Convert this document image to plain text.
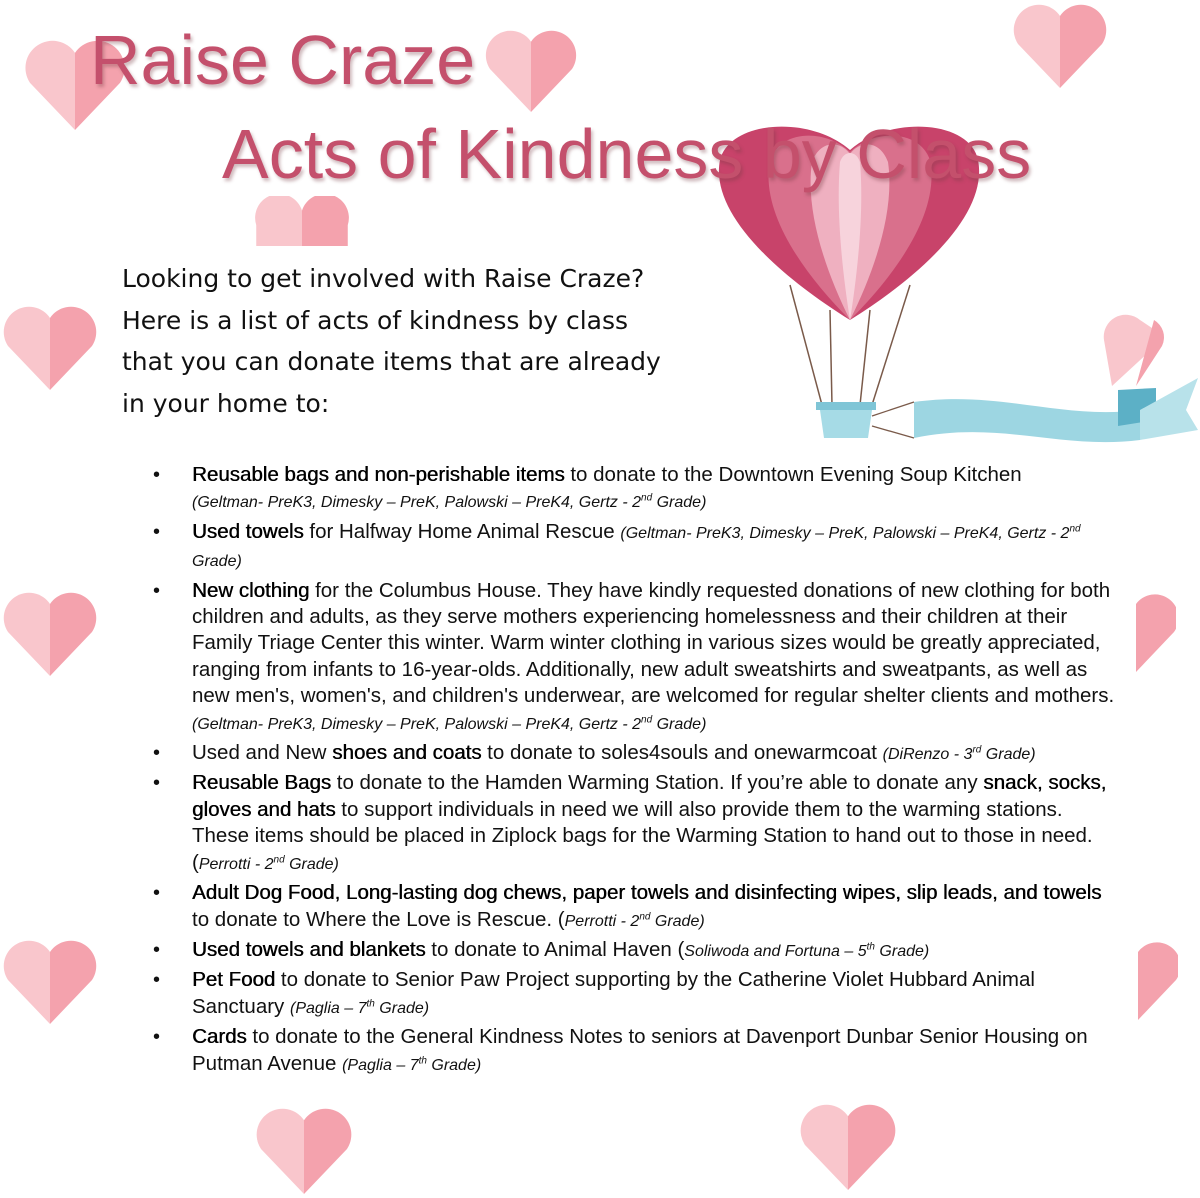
Raise Craze
Acts of Kindness by Class
Looking to get involved with Raise Craze?
Here is a list of acts of kindness by class
that you can donate items that are already
in your home to:
• Reusable bags and non-perishable items to donate to the Downtown Evening Soup Kitchen
(Geltman- PreK3, Dimesky – PreK, Palowski – PreK4, Gertz - 2nd Grade)
• Used towels for Halfway Home Animal Rescue (Geltman- PreK3, Dimesky – PreK, Palowski – PreK4, Gertz - 2nd Grade)
• New clothing for the Columbus House. They have kindly requested donations of new clothing for both children and adults, as they serve mothers experiencing homelessness and their children at their Family Triage Center this winter. Warm winter clothing in various sizes would be greatly appreciated, ranging from infants to 16-year-olds. Additionally, new adult sweatshirts and sweatpants, as well as new men's, women's, and children's underwear, are welcomed for regular shelter clients and mothers. (Geltman- PreK3, Dimesky – PreK, Palowski – PreK4, Gertz - 2nd Grade)
• Used and New shoes and coats to donate to soles4souls and onewarmcoat (DiRenzo - 3rd Grade)
• Reusable Bags to donate to the Hamden Warming Station. If you’re able to donate any snack, socks, gloves and hats to support individuals in need we will also provide them to the warming stations. These items should be placed in Ziplock bags for the Warming Station to hand out to those in need. (Perrotti - 2nd Grade)
• Adult Dog Food, Long-lasting dog chews, paper towels and disinfecting wipes, slip leads, and towels to donate to Where the Love is Rescue. (Perrotti - 2nd Grade)
• Used towels and blankets to donate to Animal Haven (Soliwoda and Fortuna – 5th Grade)
• Pet Food to donate to Senior Paw Project supporting by the Catherine Violet Hubbard Animal Sanctuary (Paglia – 7th Grade)
• Cards to donate to the General Kindness Notes to seniors at Davenport Dunbar Senior Housing on Putman Avenue (Paglia – 7th Grade)
